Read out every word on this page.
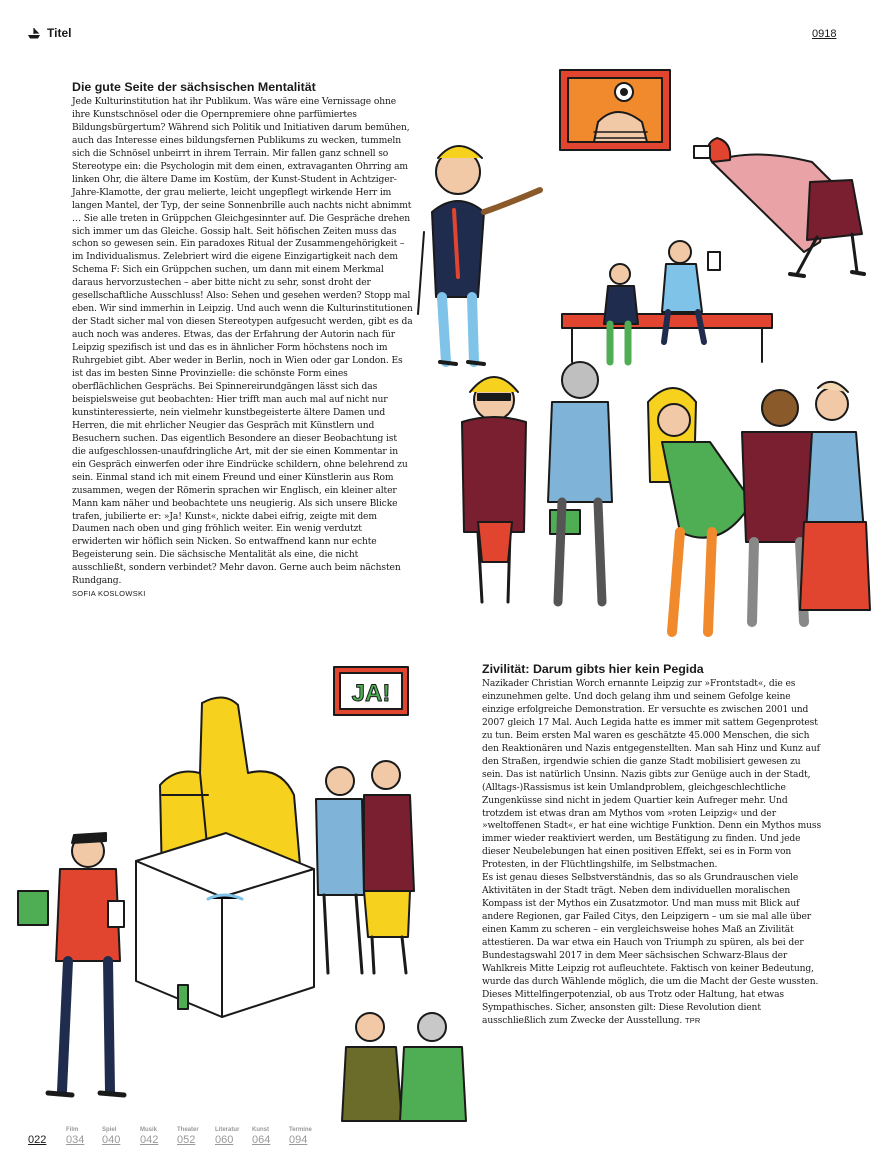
Titel	0918
Die gute Seite der sächsischen Mentalität

Jede Kulturinstitution hat ihr Publikum. Was wäre eine Vernissage ohne ihre Kunstschnösel oder die Opernpremiere ohne parfümiertes Bildungsbürgertum? Während sich Politik und Initiativen darum bemühen, auch das Interesse eines bildungsfernen Publikums zu wecken, tummeln sich die Schnösel unbeirrt in ihrem Terrain. Mir fallen ganz schnell so Stereotype ein: die Psychologin mit dem einen, extravaganten Ohrring am linken Ohr, die ältere Dame im Kostüm, der Kunst-Student in Achtziger-Jahre-Klamotte, der grau melierte, leicht ungepflegt wirkende Herr im langen Mantel, der Typ, der seine Sonnenbrille auch nachts nicht abnimmt … Sie alle treten in Grüppchen Gleichgesinnter auf. Die Gespräche drehen sich immer um das Gleiche. Gossip halt. Seit höfischen Zeiten muss das schon so gewesen sein. Ein paradoxes Ritual der Zusammengehörigkeit – im Individualismus. Zelebriert wird die eigene Einzigartigkeit nach dem Schema F: Sich ein Grüppchen suchen, um dann mit einem Merkmal daraus hervorzustechen – aber bitte nicht zu sehr, sonst droht der gesellschaftliche Ausschluss! Also: Sehen und gesehen werden? Stopp mal eben. Wir sind immerhin in Leipzig. Und auch wenn die Kulturinstitutionen der Stadt sicher mal von diesen Stereotypen aufgesucht werden, gibt es da auch noch was anderes. Etwas, das der Erfahrung der Autorin nach für Leipzig spezifisch ist und das es in ähnlicher Form höchstens noch im Ruhrgebiet gibt. Aber weder in Berlin, noch in Wien oder gar London. Es ist das im besten Sinne Provinzielle: die schönste Form eines oberflächlichen Gesprächs. Bei Spinnereirundgängen lässt sich das beispielsweise gut beobachten: Hier trifft man auch mal auf nicht nur kunstinteressierte, nein vielmehr kunstbegeisterte ältere Damen und Herren, die mit ehrlicher Neugier das Gespräch mit Künstlern und Besuchern suchen. Das eigentlich Besondere an dieser Beobachtung ist die aufgeschlossen-unaufdringliche Art, mit der sie einen Kommentar in ein Gespräch einwerfen oder ihre Eindrücke schildern, ohne belehrend zu sein. Einmal stand ich mit einem Freund und einer Künstlerin aus Rom zusammen, wegen der Römerin sprachen wir Englisch, ein kleiner alter Mann kam näher und beobachtete uns neugierig. Als sich unsere Blicke trafen, jubilierte er: »Ja! Kunst«, nickte dabei eifrig, zeigte mit dem Daumen nach oben und ging fröhlich weiter. Ein wenig verdutzt erwiderten wir höflich sein Nicken. So entwaffnend kann nur echte Begeisterung sein. Die sächsische Mentalität als eine, die nicht ausschließt, sondern verbindet? Mehr davon. Gerne auch beim nächsten Rundgang.

SOFIA KOSLOWSKI
Zivilität: Darum gibts hier kein Pegida

Nazikader Christian Worch ernannte Leipzig zur »Frontstadt«, die es einzunehmen gelte. Und doch gelang ihm und seinem Gefolge keine einzige erfolgreiche Demonstration. Er versuchte es zwischen 2001 und 2007 gleich 17 Mal. Auch Legida hatte es immer mit sattem Gegenprotest zu tun. Beim ersten Mal waren es geschätzte 45.000 Menschen, die sich den Reaktionären und Nazis entgegenstellten. Man sah Hinz und Kunz auf den Straßen, irgendwie schien die ganze Stadt mobilisiert gewesen zu sein. Das ist natürlich Unsinn. Nazis gibts zur Genüge auch in der Stadt, (Alltags-)Rassismus ist kein Umlandproblem, gleichgeschlechtliche Zungenküsse sind nicht in jedem Quartier kein Aufreger mehr. Und trotzdem ist etwas dran am Mythos vom »roten Leipzig« und der »weltoffenen Stadt«, er hat eine wichtige Funktion. Denn ein Mythos muss immer wieder reaktiviert werden, um Bestätigung zu finden. Und jede dieser Neubelebungen hat einen positiven Effekt, sei es in Form von Protesten, in der Flüchtlingshilfe, im Selbstmachen.

Es ist genau dieses Selbstverständnis, das so als Grundrauschen viele Aktivitäten in der Stadt trägt. Neben dem individuellen moralischen Kompass ist der Mythos ein Zusatzmotor. Und man muss mit Blick auf andere Regionen, gar Failed Citys, den Leipzigern – um sie mal alle über einen Kamm zu scheren – ein vergleichsweise hohes Maß an Zivilität attestieren. Da war etwa ein Hauch von Triumph zu spüren, als bei der Bundestagswahl 2017 in dem Meer sächsischen Schwarz-Blaus der Wahlkreis Mitte Leipzig rot aufleuchtete. Faktisch von keiner Bedeutung, wurde das durch Wählende möglich, die um die Macht der Geste wussten. Dieses Mittelfingerpotenzial, ob aus Trotz oder Haltung, hat etwas Sympathisches. Sicher, ansonsten gilt: Diese Revolution dient ausschließlich zum Zwecke der Ausstellung. TPR

JA!
022
Film
034
Spiel
040
Musik
042
Theater
052
Literatur
060
Kunst
064
Termine
094
